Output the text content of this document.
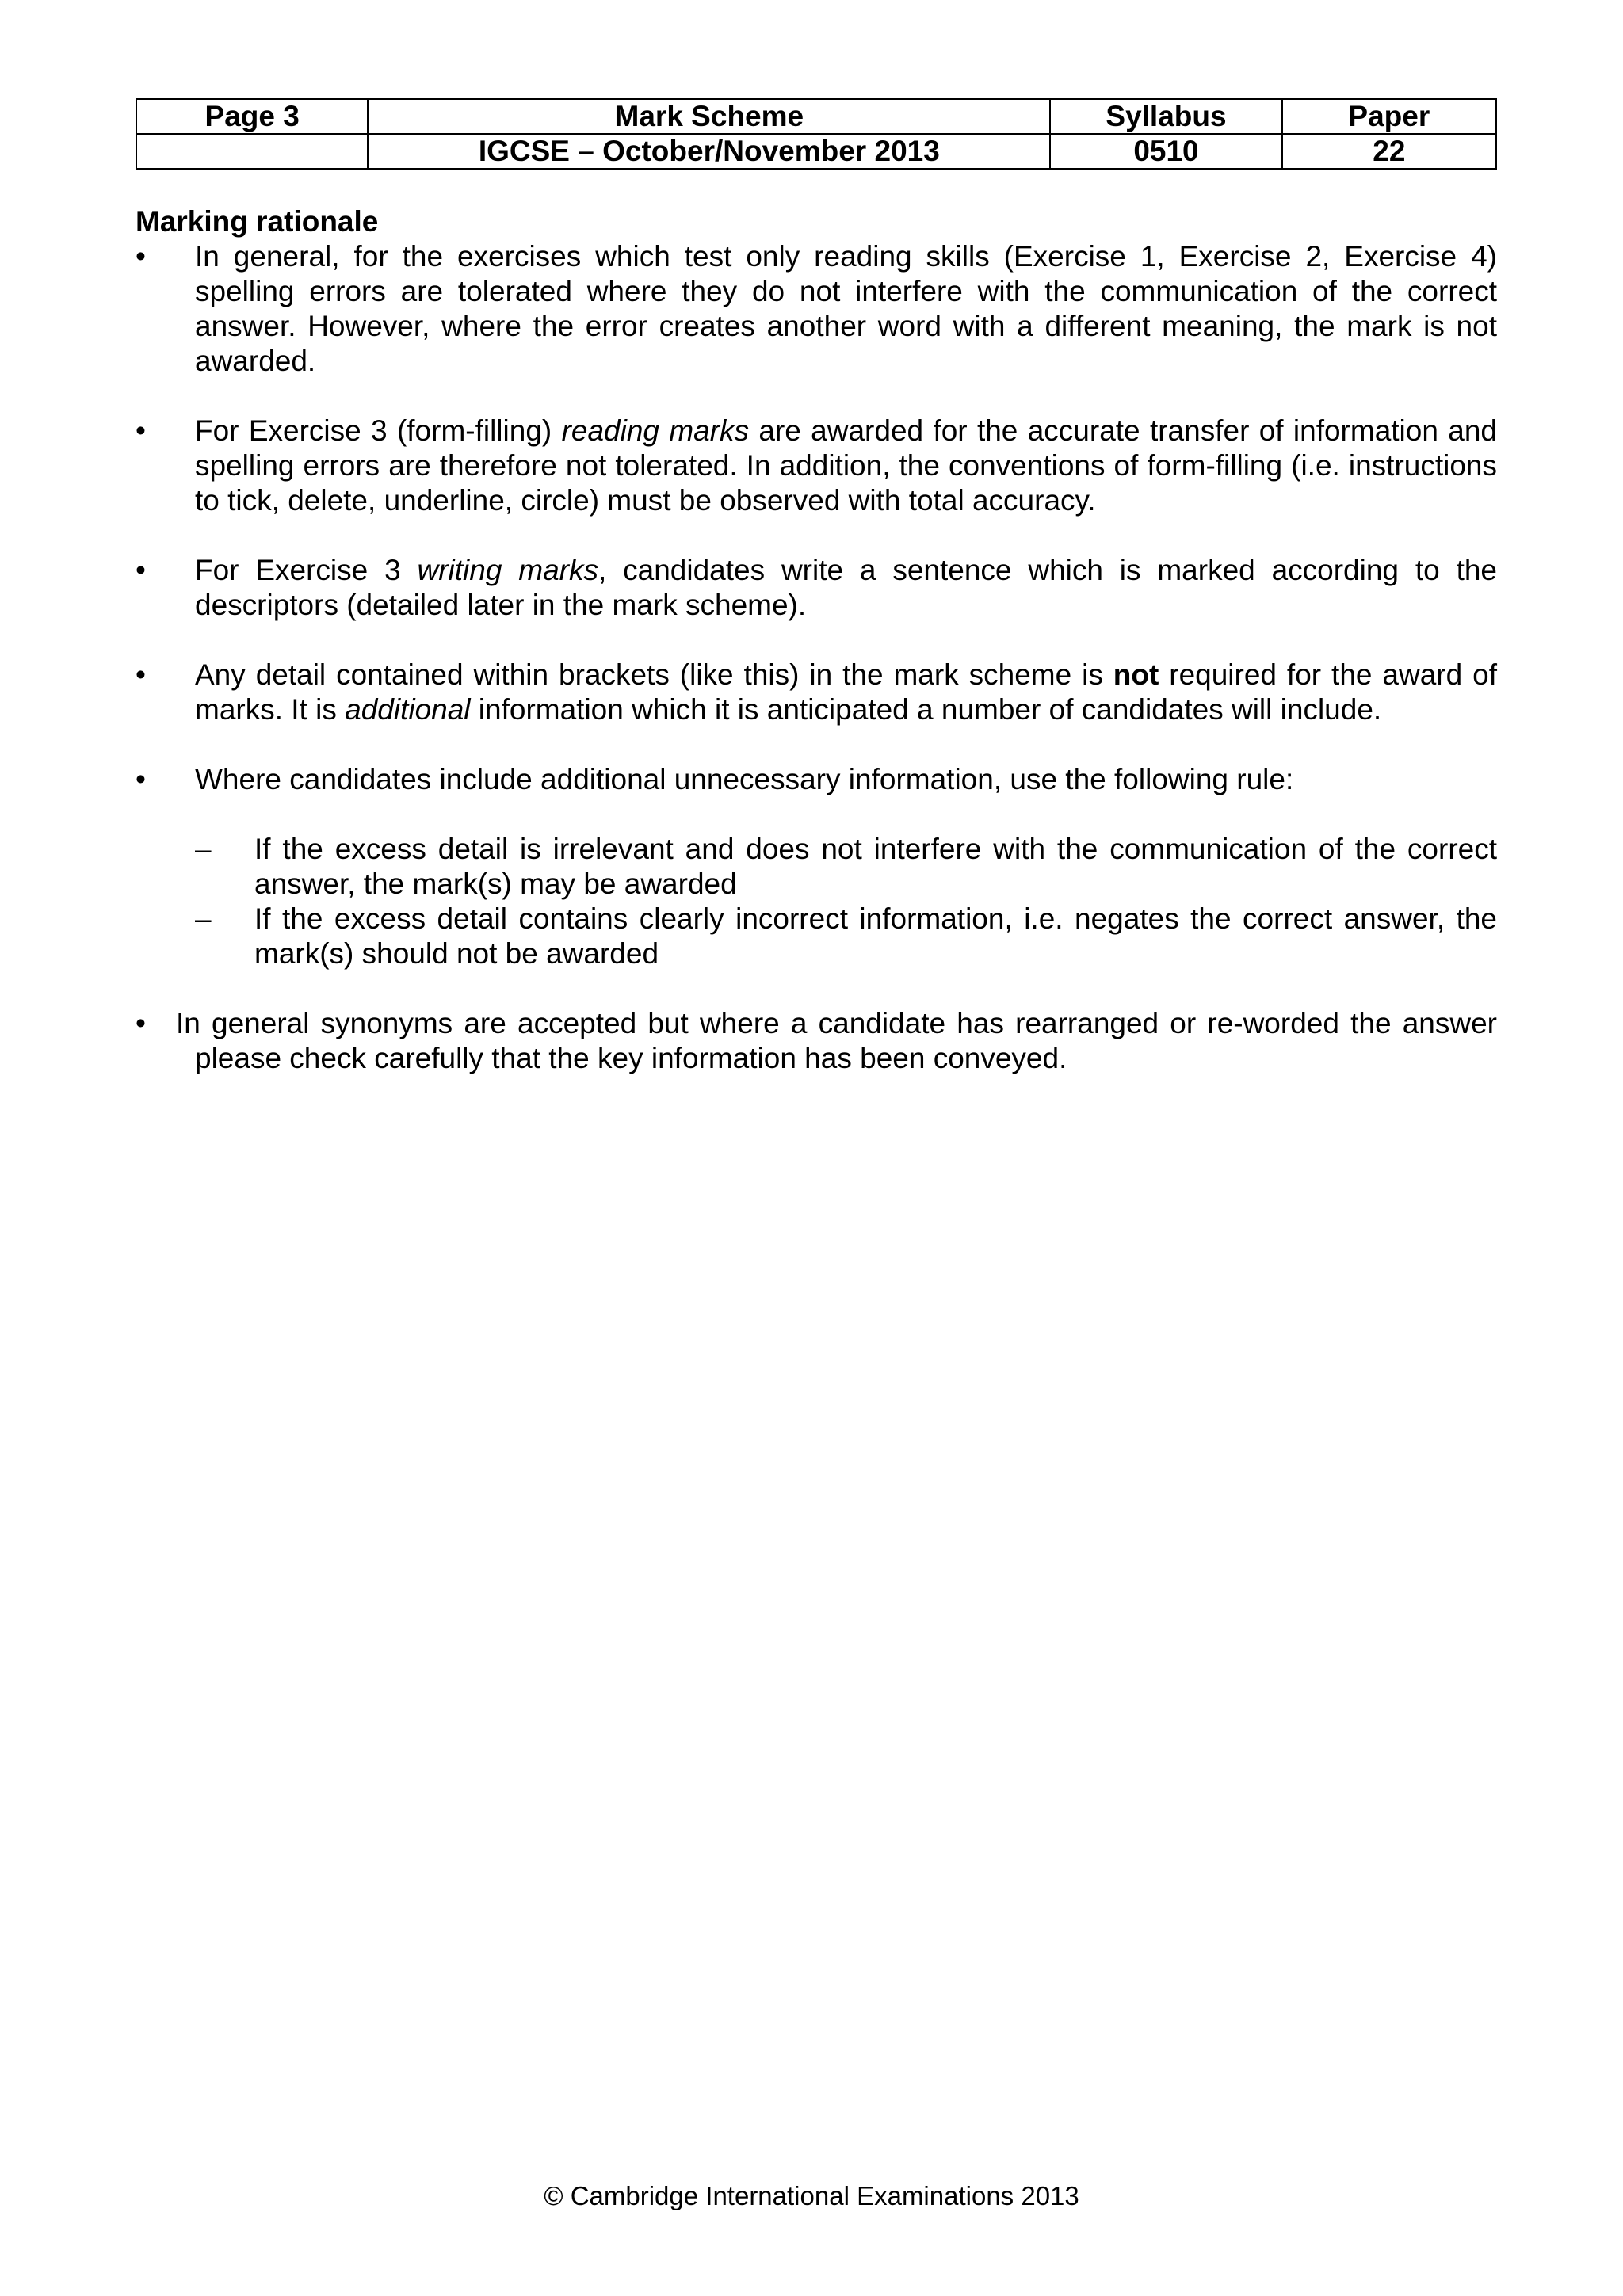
Page 3	Mark Scheme	Syllabus	Paper
	IGCSE – October/November 2013	0510	22
Marking rationale
•	In general, for the exercises which test only reading skills (Exercise 1, Exercise 2, Exercise 4) spelling errors are tolerated where they do not interfere with the communication of the correct answer. However, where the error creates another word with a different meaning, the mark is not awarded.
•	For Exercise 3 (form-filling) reading marks are awarded for the accurate transfer of information and spelling errors are therefore not tolerated. In addition, the conventions of form-filling (i.e. instructions to tick, delete, underline, circle) must be observed with total accuracy.
•	For Exercise 3 writing marks, candidates write a sentence which is marked according to the descriptors (detailed later in the mark scheme).
•	Any detail contained within brackets (like this) in the mark scheme is not required for the award of marks. It is additional information which it is anticipated a number of candidates will include.
•	Where candidates include additional unnecessary information, use the following rule:
– If the excess detail is irrelevant and does not interfere with the communication of the correct answer, the mark(s) may be awarded
– If the excess detail contains clearly incorrect information, i.e. negates the correct answer, the mark(s) should not be awarded
• In general synonyms are accepted but where a candidate has rearranged or re-worded the answer please check carefully that the key information has been conveyed.
© Cambridge International Examinations 2013
